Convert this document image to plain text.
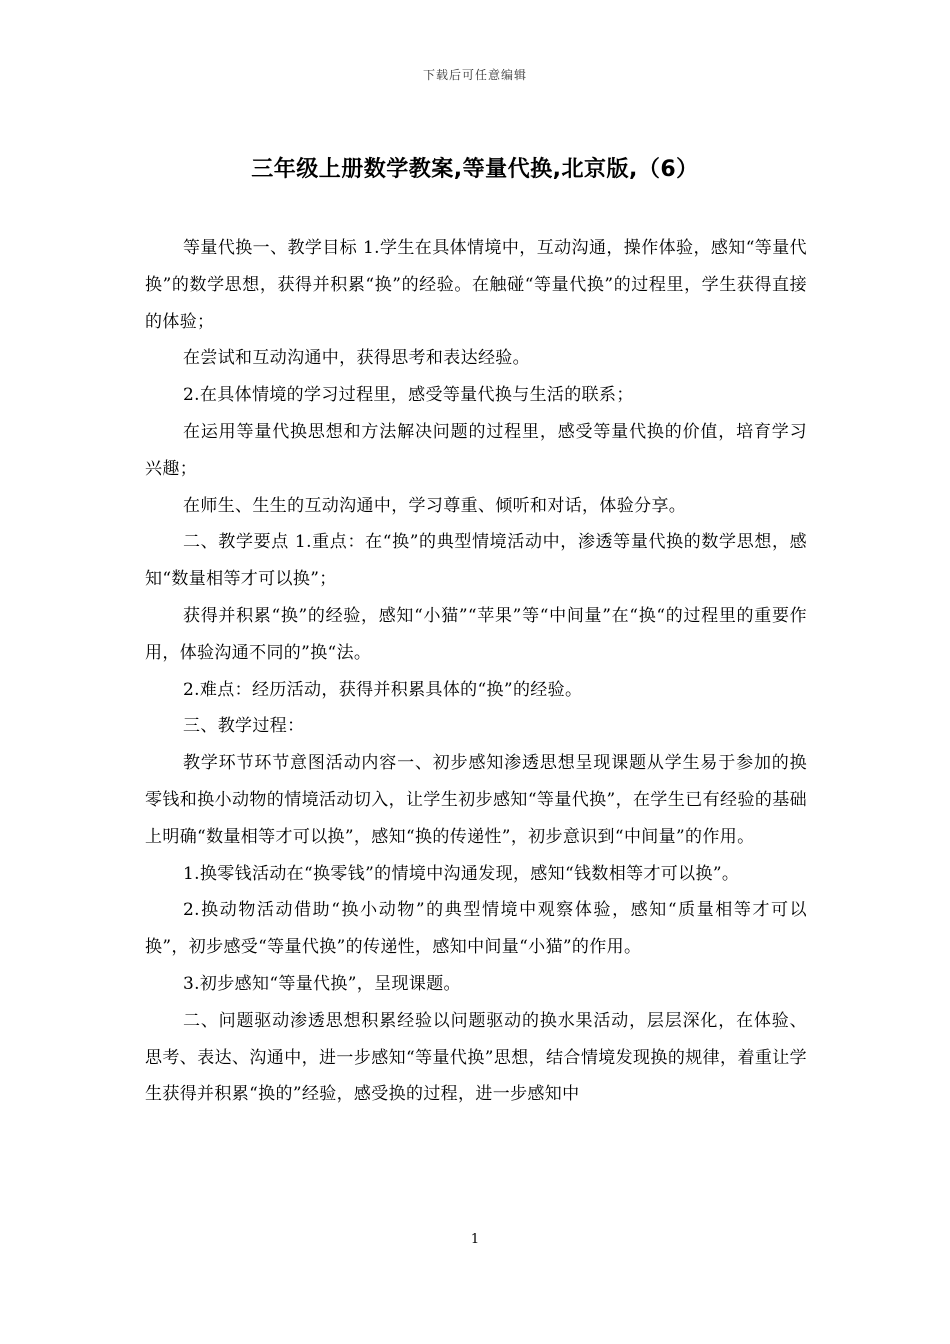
下载后可任意编辑
三年级上册数学教案,等量代换,北京版,（6）

等量代换一、教学目标 1.学生在具体情境中，互动沟通，操作体验，感知“等量代换”的数学思想，获得并积累“换”的经验。在触碰“等量代换”的过程里，学生获得直接的体验；

在尝试和互动沟通中，获得思考和表达经验。

2.在具体情境的学习过程里，感受等量代换与生活的联系；

在运用等量代换思想和方法解决问题的过程里，感受等量代换的价值，培育学习兴趣；

在师生、生生的互动沟通中，学习尊重、倾听和对话，体验分享。

二、教学要点 1.重点：在“换”的典型情境活动中，渗透等量代换的数学思想，感知“数量相等才可以换”；

获得并积累“换”的经验，感知“小猫”“苹果”等“中间量”在“换“的过程里的重要作用，体验沟通不同的”换“法。

2.难点：经历活动，获得并积累具体的“换”的经验。

三、教学过程：

教学环节环节意图活动内容一、初步感知渗透思想呈现课题从学生易于参加的换零钱和换小动物的情境活动切入，让学生初步感知“等量代换”，在学生已有经验的基础上明确“数量相等才可以换”，感知“换的传递性”，初步意识到“中间量”的作用。

1.换零钱活动在“换零钱”的情境中沟通发现，感知“钱数相等才可以换”。

2.换动物活动借助“换小动物”的典型情境中观察体验，感知“质量相等才可以换”，初步感受“等量代换”的传递性，感知中间量“小猫”的作用。

3.初步感知“等量代换”，呈现课题。

二、问题驱动渗透思想积累经验以问题驱动的换水果活动，层层深化，在体验、思考、表达、沟通中，进一步感知“等量代换”思想，结合情境发现换的规律，着重让学生获得并积累“换的”经验，感受换的过程，进一步感知中

1
